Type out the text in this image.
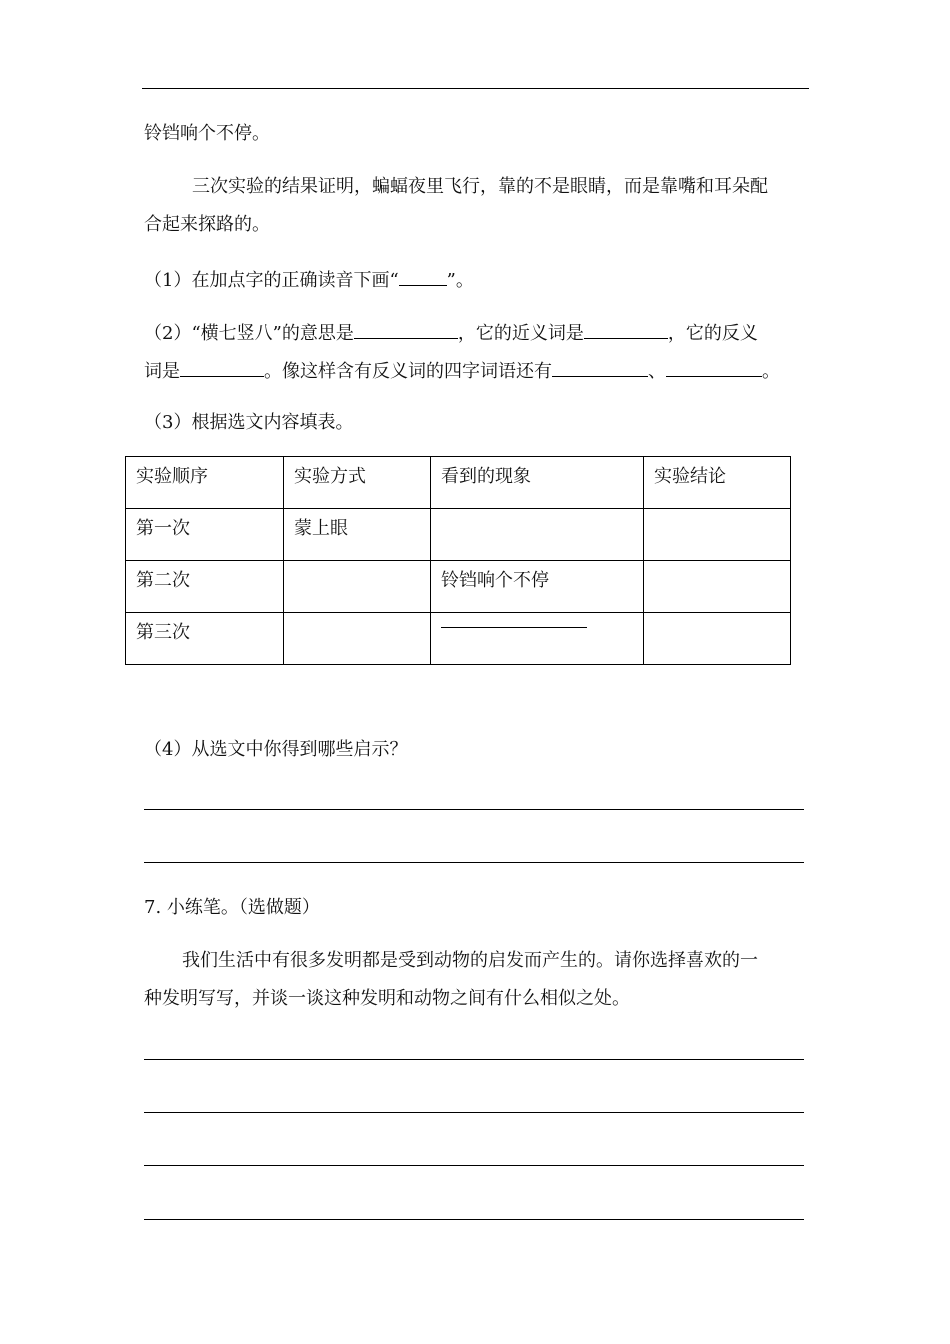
铃铛响个不停。
三次实验的结果证明，蝙蝠夜里飞行，靠的不是眼睛，而是靠嘴和耳朵配
合起来探路的。
（1）在加点字的正确读音下画“	”。
（2）“横七竖八”的意思是	，它的近义词是	，它的反义
词是	。像这样含有反义词的四字词语还有	、	。
（3）根据选文内容填表。
实验顺序	实验方式	看到的现象	实验结论
第一次	蒙上眼		
第二次		铃铛响个不停	
第三次			
（4）从选文中你得到哪些启示？
7. 小练笔。（选做题）
我们生活中有很多发明都是受到动物的启发而产生的。请你选择喜欢的一
种发明写写，并谈一谈这种发明和动物之间有什么相似之处。
